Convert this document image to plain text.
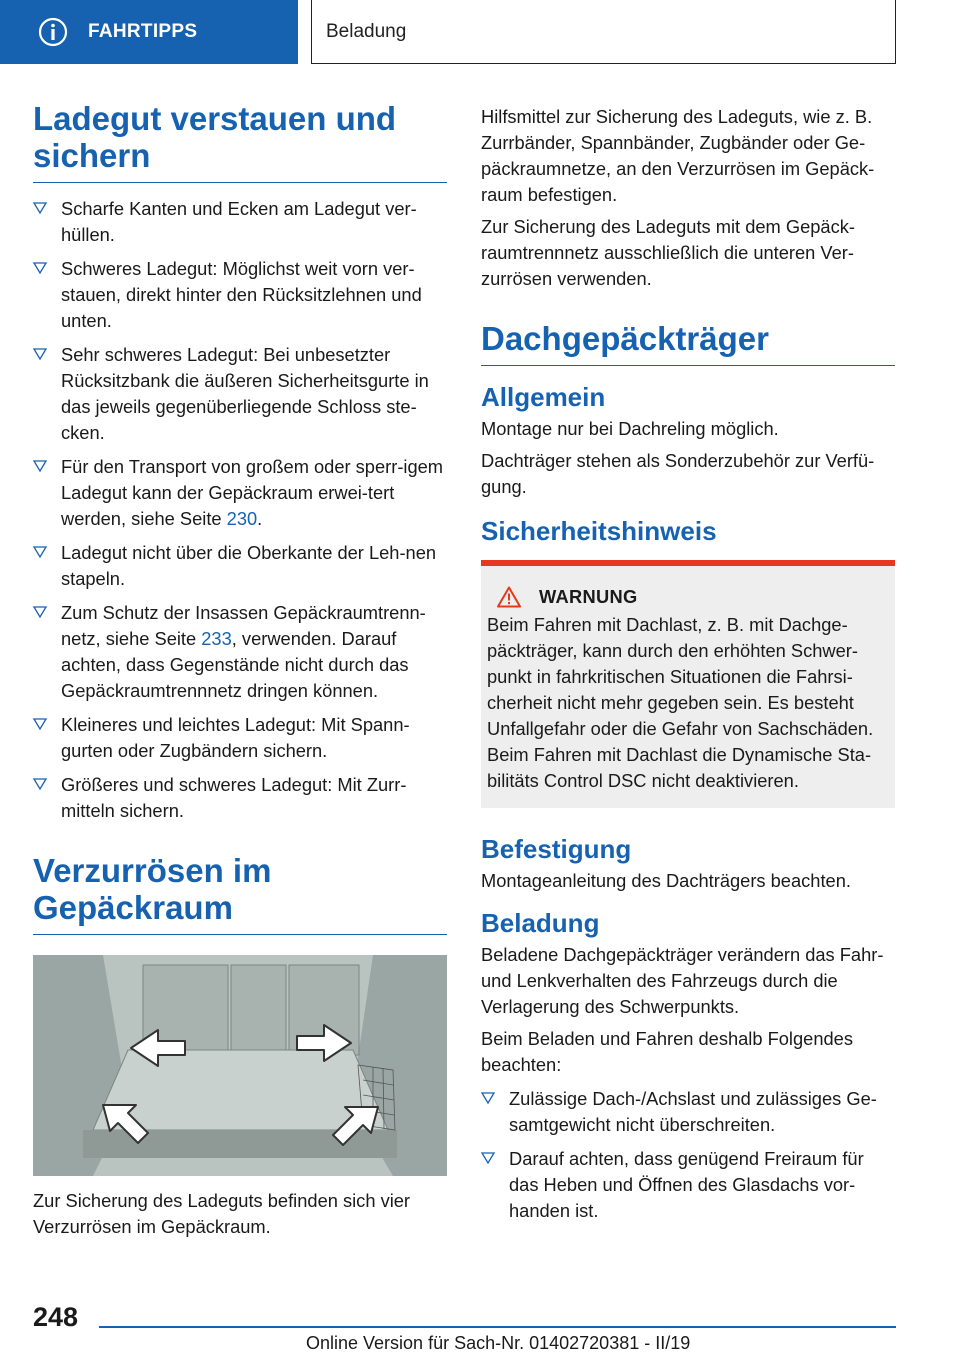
FAHRTIPPS	Beladung
Ladegut verstauen und sichern
Scharfe Kanten und Ecken am Ladegut ver-hüllen.
Schweres Ladegut: Möglichst weit vorn ver-stauen, direkt hinter den Rücksitzlehnen und unten.
Sehr schweres Ladegut: Bei unbesetzter Rücksitzbank die äußeren Sicherheitsgurte in das jeweils gegenüberliegende Schloss ste-cken.
Für den Transport von großem oder sperr-igem Ladegut kann der Gepäckraum erwei-tert werden, siehe Seite 230.
Ladegut nicht über die Oberkante der Leh-nen stapeln.
Zum Schutz der Insassen Gepäckraumtrenn-netz, siehe Seite 233, verwenden. Darauf achten, dass Gegenstände nicht durch das Gepäckraumtrennnetz dringen können.
Kleineres und leichtes Ladegut: Mit Spann-gurten oder Zugbändern sichern.
Größeres und schweres Ladegut: Mit Zurr-mitteln sichern.
Verzurrösen im Gepäckraum

Zur Sicherung des Ladeguts befinden sich vier Verzurrösen im Gepäckraum.

Hilfsmittel zur Sicherung des Ladeguts, wie z. B. Zurrbänder, Spannbänder, Zugbänder oder Ge-päckraumnetze, an den Verzurrösen im Gepäck-raum befestigen.

Zur Sicherung des Ladeguts mit dem Gepäck-raumtrennnetz ausschließlich die unteren Ver-zurrösen verwenden.

Dachgepäckträger
Allgemein

Montage nur bei Dachreling möglich.

Dachträger stehen als Sonderzubehör zur Verfü-gung.

Sicherheitshinweis
WARNUNG

Beim Fahren mit Dachlast, z. B. mit Dachge-päckträger, kann durch den erhöhten Schwer-punkt in fahrkritischen Situationen die Fahrsi-cherheit nicht mehr gegeben sein. Es besteht Unfallgefahr oder die Gefahr von Sachschäden. Beim Fahren mit Dachlast die Dynamische Sta-bilitäts Control DSC nicht deaktivieren.

Befestigung

Montageanleitung des Dachträgers beachten.

Beladung

Beladene Dachgepäckträger verändern das Fahr- und Lenkverhalten des Fahrzeugs durch die Verlagerung des Schwerpunkts.

Beim Beladen und Fahren deshalb Folgendes beachten:

Zulässige Dach-/Achslast und zulässiges Ge-samtgewicht nicht überschreiten.
Darauf achten, dass genügend Freiraum für das Heben und Öffnen des Glasdachs vor-handen ist.
248
Online Version für Sach-Nr. 01402720381 - II/19
